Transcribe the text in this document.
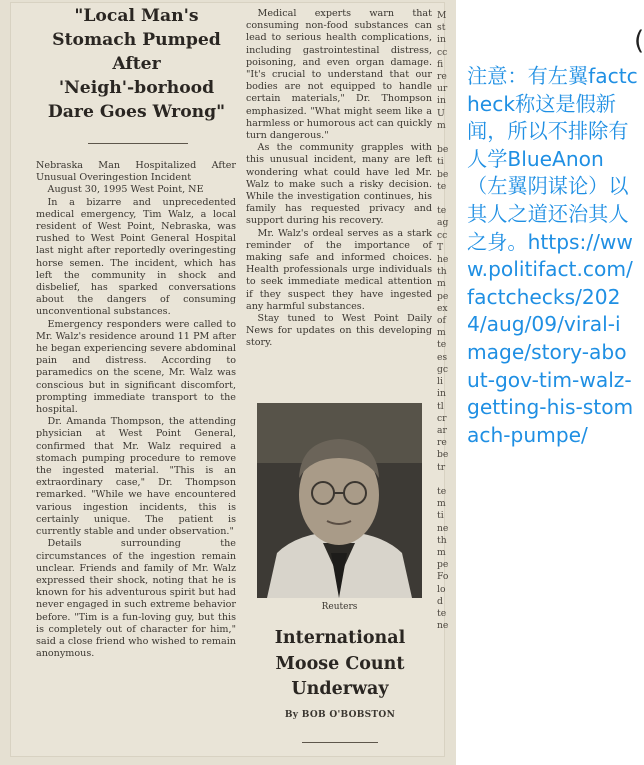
"Local Man's
Stomach Pumped
After
'Neigh'-borhood
Dare Goes Wrong"

Nebraska Man Hospitalized After Unusual Overingestion Incident

August 30, 1995 West Point, NE

In a bizarre and unprecedented medical emergency, Tim Walz, a local resident of West Point, Nebraska, was rushed to West Point General Hospital last night after reportedly overingesting horse semen. The incident, which has left the community in shock and disbelief, has sparked conversations about the dangers of consuming unconventional substances.

Emergency responders were called to Mr. Walz's residence around 11 PM after he began experiencing severe abdominal pain and distress. According to paramedics on the scene, Mr. Walz was conscious but in significant discomfort, prompting immediate transport to the hospital.

Dr. Amanda Thompson, the attending physician at West Point General, confirmed that Mr. Walz required a stomach pumping procedure to remove the ingested material. "This is an extraordinary case," Dr. Thompson remarked. "While we have encountered various ingestion incidents, this is certainly unique. The patient is currently stable and under observation."

Details surrounding the circumstances of the ingestion remain unclear. Friends and family of Mr. Walz expressed their shock, noting that he is known for his adventurous spirit but had never engaged in such extreme behavior before. "Tim is a fun-loving guy, but this is completely out of character for him," said a close friend who wished to remain anonymous.

Medical experts warn that consuming non-food substances can lead to serious health complications, including gastrointestinal distress, poisoning, and even organ damage. "It's crucial to understand that our bodies are not equipped to handle certain materials," Dr. Thompson emphasized. "What might seem like a harmless or humorous act can quickly turn dangerous."

As the community grapples with this unusual incident, many are left wondering what could have led Mr. Walz to make such a risky decision. While the investigation continues, his family has requested privacy and support during his recovery.

Mr. Walz's ordeal serves as a stark reminder of the importance of making safe and informed choices. Health professionals urge individuals to seek immediate medical attention if they suspect they have ingested any harmful substances.

Stay tuned to West Point Daily News for updates on this developing story.

Reuters
International
Moose Count
Underway
By BOB O'BOBSTON
M
st
in
cc
fi
re
ur
in
U
m

be
ti
be
te

te
ag
cc
T
he
th
m
pe
ex
of
m
te
es
gc
li
in
tl
cr
ar
re
be
tr

te
m
ti
ne
th
m
pe
Fo
lo
d
te
ne
(
注意：有左翼factcheck称这是假新闻，所以不排除有人学BlueAnon（左翼阴谋论）以其人之道还治其人之身。https://www.politifact.com/factchecks/2024/aug/09/viral-image/story-about-gov-tim-walz-getting-his-stomach-pumpe/
